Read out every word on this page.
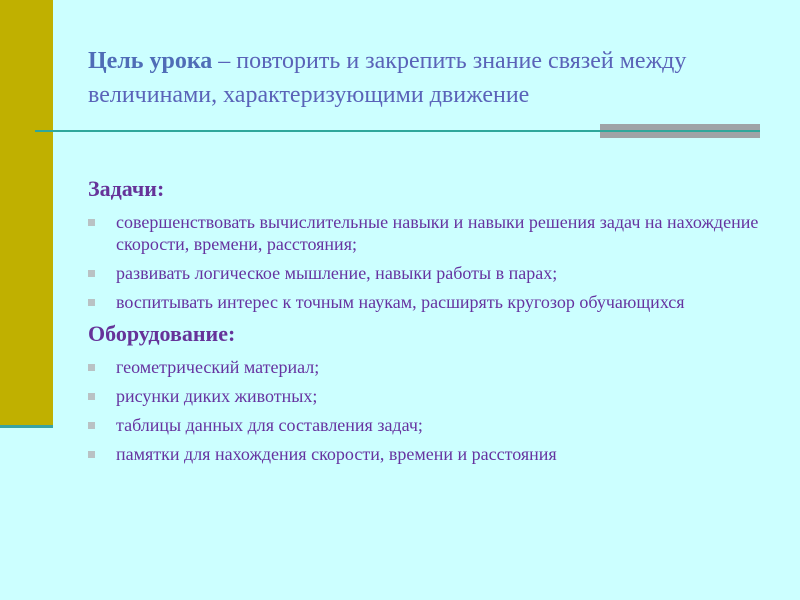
Цель урока – повторить и закрепить знание связей между величинами, характеризующими движение
Задачи:
совершенствовать вычислительные навыки и навыки решения задач на нахождение скорости, времени, расстояния;
развивать логическое мышление, навыки работы в парах;
воспитывать интерес к точным наукам, расширять кругозор обучающихся
Оборудование:
геометрический материал;
рисунки диких животных;
таблицы данных для составления задач;
памятки для нахождения скорости, времени и расстояния
